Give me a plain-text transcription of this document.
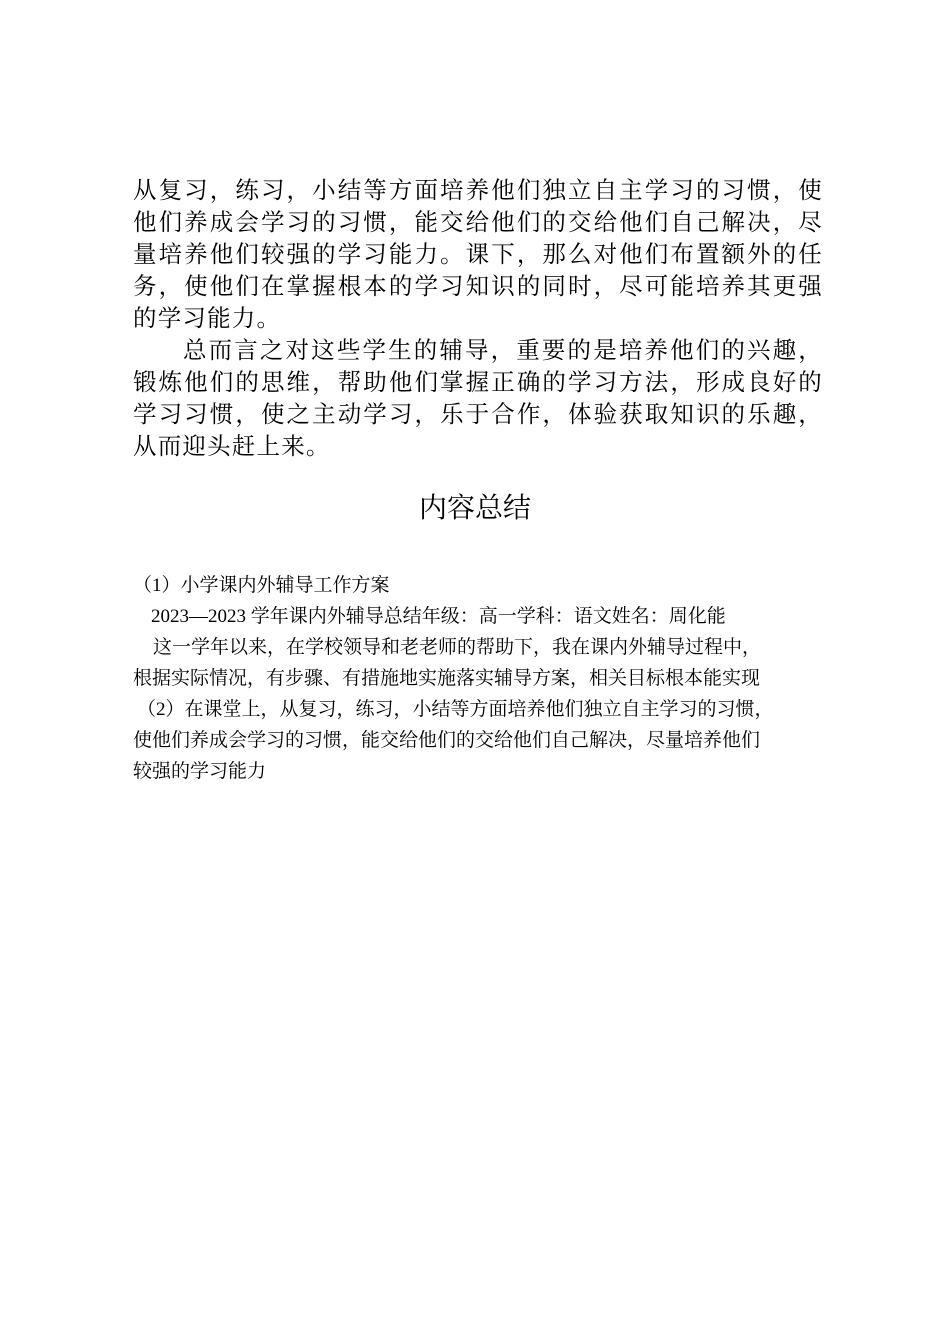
从复习，练习，小结等方面培养他们独立自主学习的习惯，使他们养成会学习的习惯，能交给他们的交给他们自己解决，尽量培养他们较强的学习能力。课下，那么对他们布置额外的任务，使他们在掌握根本的学习知识的同时，尽可能培养其更强的学习能力。

总而言之对这些学生的辅导，重要的是培养他们的兴趣，锻炼他们的思维，帮助他们掌握正确的学习方法，形成良好的学习习惯，使之主动学习，乐于合作，体验获取知识的乐趣，从而迎头赶上来。

内容总结
（1）小学课内外辅导工作方案
2023—2023 学年课内外辅导总结年级：高一学科：语文姓名：周化能
这一学年以来，在学校领导和老老师的帮助下，我在课内外辅导过程中，
根据实际情况，有步骤、有措施地实施落实辅导方案，相关目标根本能实现
（2）在课堂上，从复习，练习，小结等方面培养他们独立自主学习的习惯，
使他们养成会学习的习惯，能交给他们的交给他们自己解决，尽量培养他们
较强的学习能力
